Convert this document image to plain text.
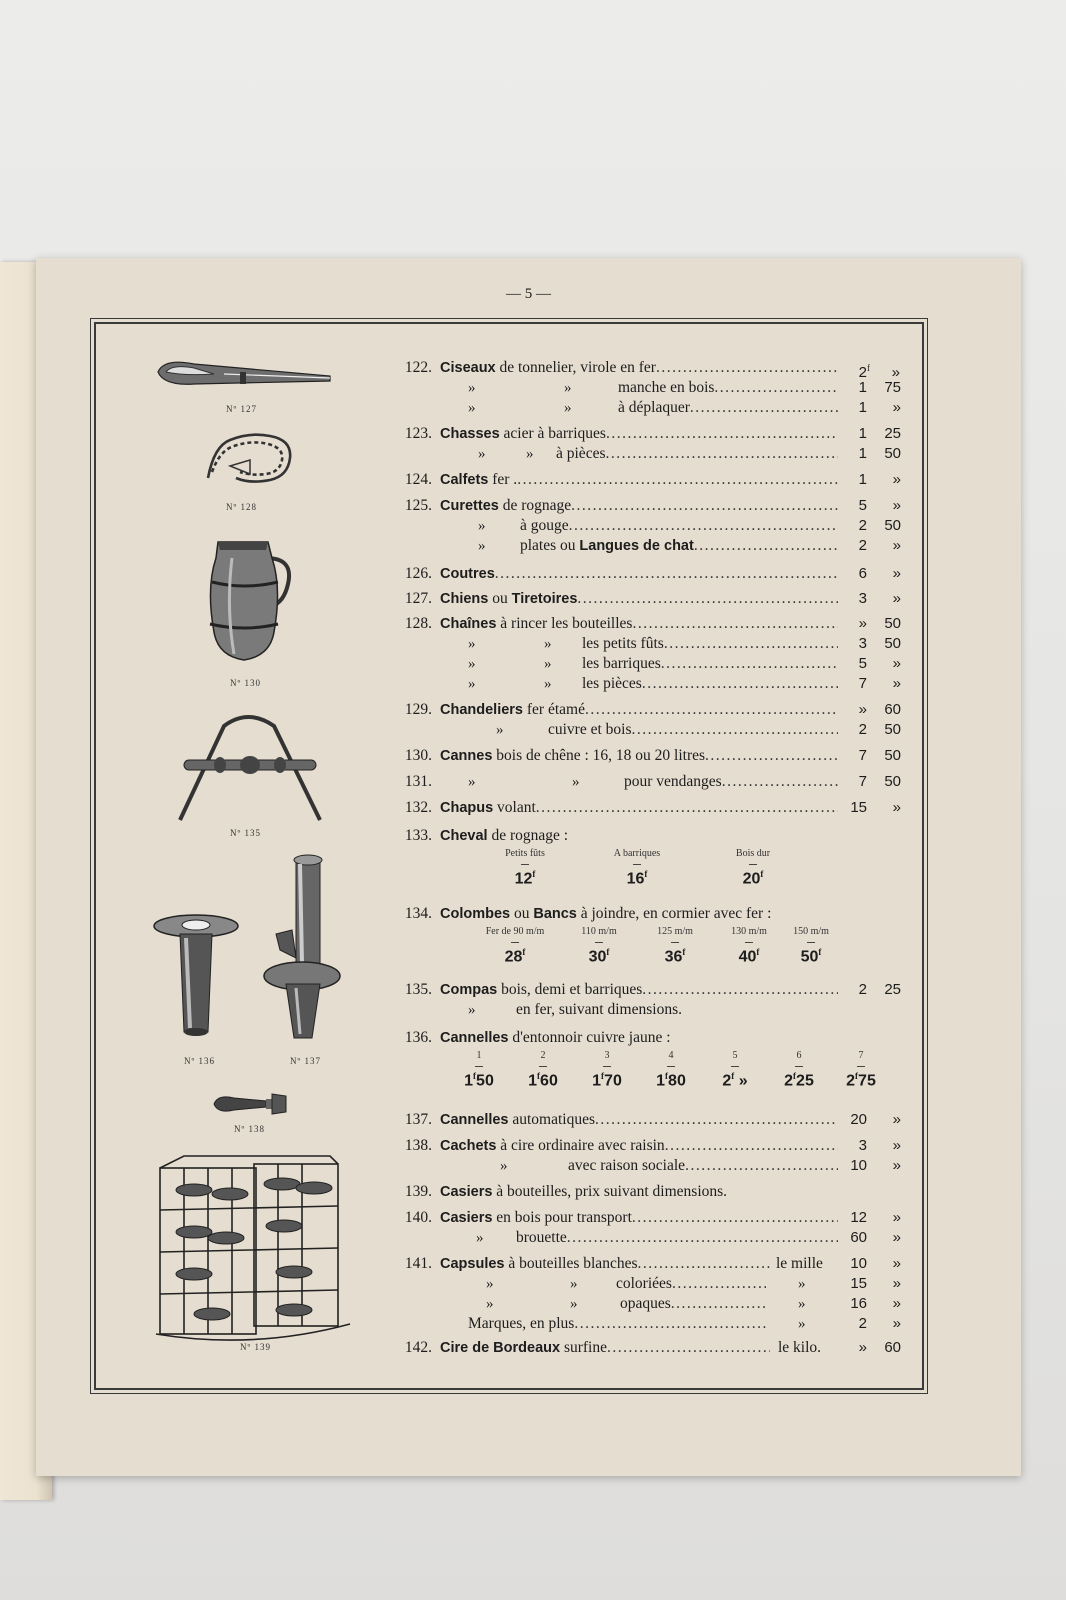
— 5 —
Nº 127
Nº 128
Nº 130
Nº 135
Nº 136	Nº 137
Nº 138
Nº 139
122. Ciseaux de tonnelier, virole en fer .....	2$^f$ »
»	»	manche en bois .....	1 75
»	»	à déplaquer .....	1 »
123. Chasses acier à barriques .....	1 25
»	» à pièces .....	1 50
124. Calfets fer . .....	1 »
125. Curettes de rognage .....	5 »
» à gouge .....	2 50
» plates ou Langues de chat .....	2 »
126. Coutres .....	6 »
127. Chiens ou Tiretoires .....	3 »
128. Chaînes à rincer les bouteilles .....	» 50
»	» les petits fûts .....	3 50
»	» les barriques .....	5 »
»	» les pièces .....	7 »
129. Chandeliers fer étamé .....	» 60
»	cuivre et bois .....	2 50
130. Cannes bois de chêne : 16, 18 ou 20 litres .....	7 50
131. »	»	pour vendanges .....	7 50
132. Chapus volant .....	15 »
133. Cheval de rognage :
Petits fûts	A barriques	Bois dur
12$^f$	16$^f$	20$^f$
134. Colombes ou Bancs à joindre, en cormier avec fer :
Fer de 90 m/m	110 m/m	125 m/m	130 m/m	150 m/m
28$^f$	30$^f$	36$^f$	40$^f$	50$^f$
135. Compas bois, demi et barriques .....	2 25
»	en fer, suivant dimensions.
136. Cannelles d'entonnoir cuivre jaune :
1	2	3	4	5	6	7
1$^f$50	1$^f$60	1$^f$70	1$^f$80	2$^f$ »	2$^f$25	2$^f$75
137. Cannelles automatiques .....	20 »
138. Cachets à cire ordinaire avec raisin .....	3 »
»	avec raison sociale .....	10 »
139. Casiers à bouteilles, prix suivant dimensions.
140. Casiers en bois pour transport .....	12 »
» brouette .....	60 »
141. Capsules à bouteilles blanches .....	le mille	10 »
»	» coloriées .....	»	15 »
»	»	opaques .....	»	16 »
Marques, en plus .....	»	2 »
142. Cire de Bordeaux surfine .....	le kilo.	» 60
